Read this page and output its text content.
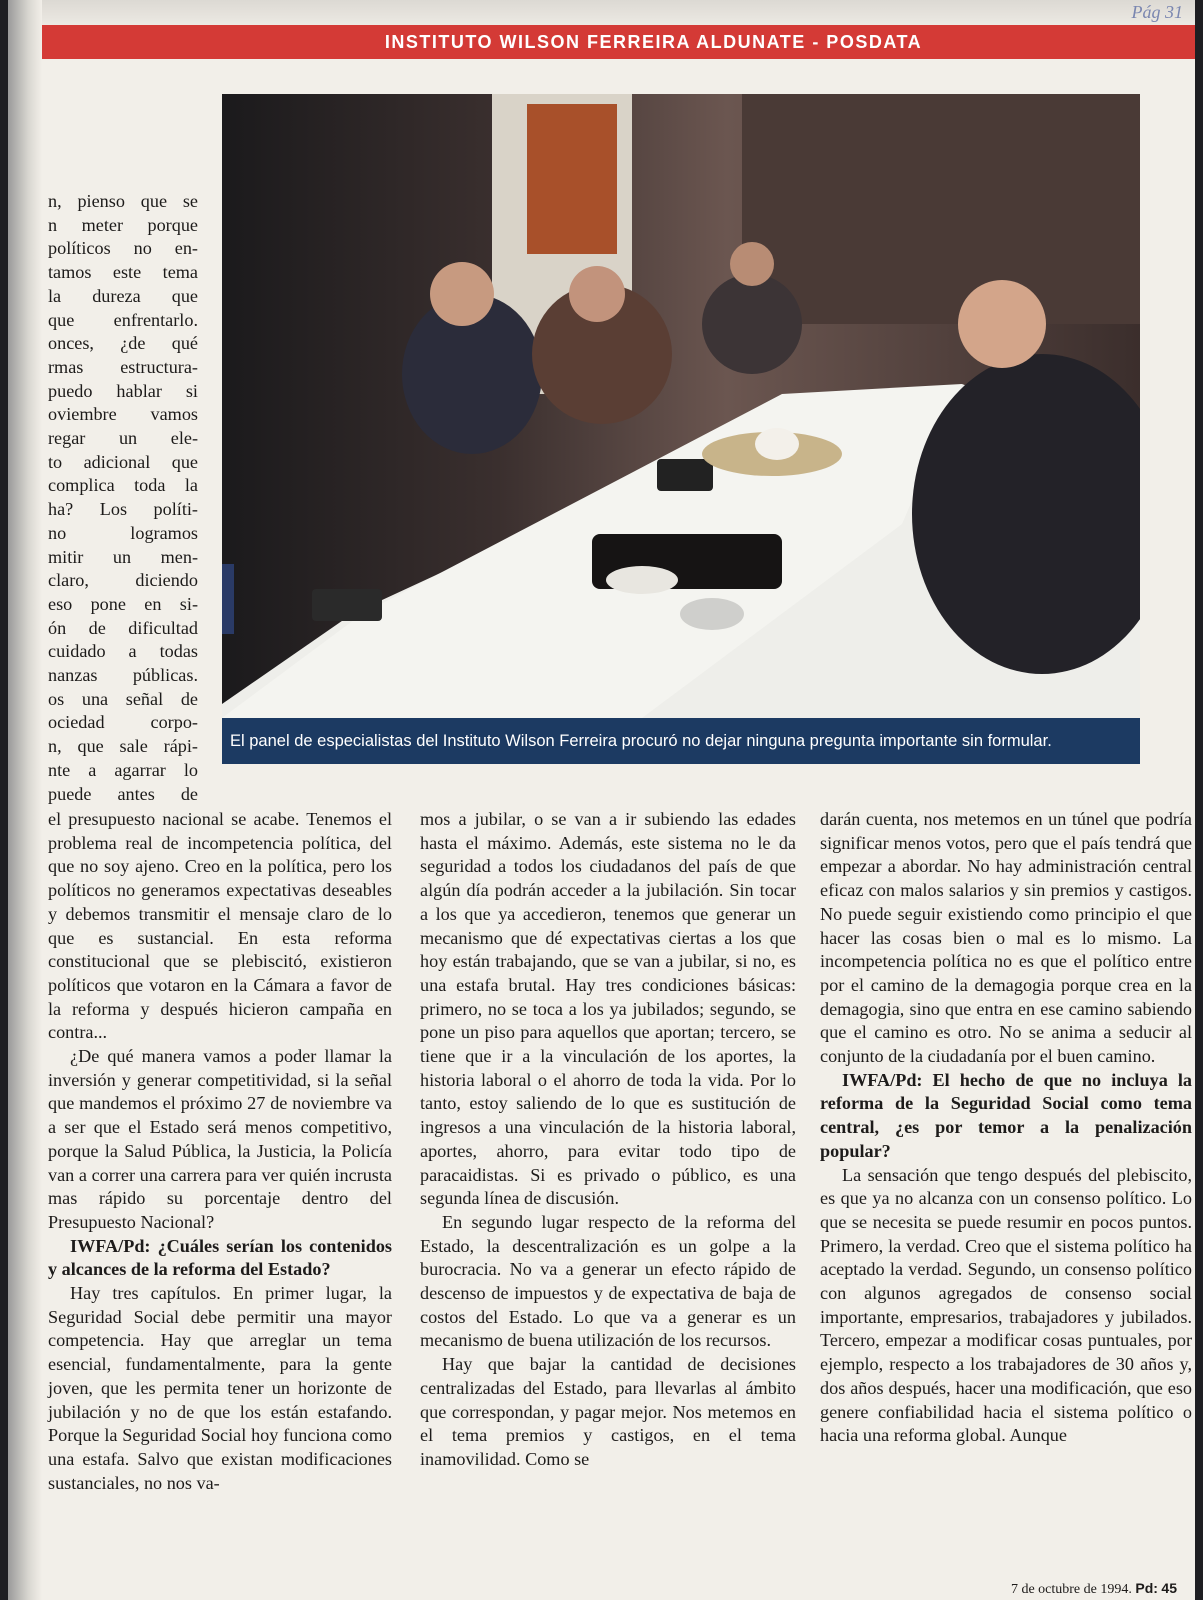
Pág 31
INSTITUTO WILSON FERREIRA ALDUNATE - POSDATA
El panel de especialistas del Instituto Wilson Ferreira procuró no dejar ninguna pregunta importante sin formular.

n, pienso que se

n meter porque

políticos no en-

tamos este tema

la dureza que

que enfrentarlo.

onces, ¿de qué

rmas estructura-

puedo hablar si

oviembre vamos

regar un ele-

to adicional que

complica toda la

ha? Los políti-

no logramos

mitir un men-

claro, diciendo

eso pone en si-

ón de dificultad

cuidado a todas

nanzas públicas.

os una señal de

ociedad corpo-

n, que sale rápi-

nte a agarrar lo

puede antes de

el presupuesto nacional se acabe. Tenemos el problema real de incompetencia política, del que no soy ajeno. Creo en la política, pero los políticos no generamos expectativas deseables y debemos transmitir el mensaje claro de lo que es sustancial. En esta reforma constitucional que se plebiscitó, existieron políticos que votaron en la Cámara a favor de la reforma y después hicieron campaña en contra...

¿De qué manera vamos a poder llamar la inversión y generar competitividad, si la señal que mandemos el próximo 27 de noviembre va a ser que el Estado será menos competitivo, porque la Salud Pública, la Justicia, la Policía van a correr una carrera para ver quién incrusta mas rápido su porcentaje dentro del Presupuesto Nacional?

IWFA/Pd: ¿Cuáles serían los contenidos y alcances de la reforma del Estado?

Hay tres capítulos. En primer lugar, la Seguridad Social debe permitir una mayor competencia. Hay que arreglar un tema esencial, fundamentalmente, para la gente joven, que les permita tener un horizonte de jubilación y no de que los están estafando. Porque la Seguridad Social hoy funciona como una estafa. Salvo que existan modificaciones sustanciales, no nos va-

mos a jubilar, o se van a ir subiendo las edades hasta el máximo. Además, este sistema no le da seguridad a todos los ciudadanos del país de que algún día podrán acceder a la jubilación. Sin tocar a los que ya accedieron, tenemos que generar un mecanismo que dé expectativas ciertas a los que hoy están trabajando, que se van a jubilar, si no, es una estafa brutal. Hay tres condiciones básicas: primero, no se toca a los ya jubilados; segundo, se pone un piso para aquellos que aportan; tercero, se tiene que ir a la vinculación de los aportes, la historia laboral o el ahorro de toda la vida. Por lo tanto, estoy saliendo de lo que es sustitución de ingresos a una vinculación de la historia laboral, aportes, ahorro, para evitar todo tipo de paracaidistas. Si es privado o público, es una segunda línea de discusión.

En segundo lugar respecto de la reforma del Estado, la descentralización es un golpe a la burocracia. No va a generar un efecto rápido de descenso de impuestos y de expectativa de baja de costos del Estado. Lo que va a generar es un mecanismo de buena utilización de los recursos.

Hay que bajar la cantidad de decisiones centralizadas del Estado, para llevarlas al ámbito que correspondan, y pagar mejor. Nos metemos en el tema premios y castigos, en el tema inamovilidad. Como se

darán cuenta, nos metemos en un túnel que podría significar menos votos, pero que el país tendrá que empezar a abordar. No hay administración central eficaz con malos salarios y sin premios y castigos. No puede seguir existiendo como principio el que hacer las cosas bien o mal es lo mismo. La incompetencia política no es que el político entre por el camino de la demagogia porque crea en la demagogia, sino que entra en ese camino sabiendo que el camino es otro. No se anima a seducir al conjunto de la ciudadanía por el buen camino.

IWFA/Pd: El hecho de que no incluya la reforma de la Seguridad Social como tema central, ¿es por temor a la penalización popular?

La sensación que tengo después del plebiscito, es que ya no alcanza con un consenso político. Lo que se necesita se puede resumir en pocos puntos. Primero, la verdad. Creo que el sistema político ha aceptado la verdad. Segundo, un consenso político con algunos agregados de consenso social importante, empresarios, trabajadores y jubilados. Tercero, empezar a modificar cosas puntuales, por ejemplo, respecto a los trabajadores de 30 años y, dos años después, hacer una modificación, que eso genere confiabilidad hacia el sistema político o hacia una reforma global. Aunque

7 de octubre de 1994. Pd: 45
